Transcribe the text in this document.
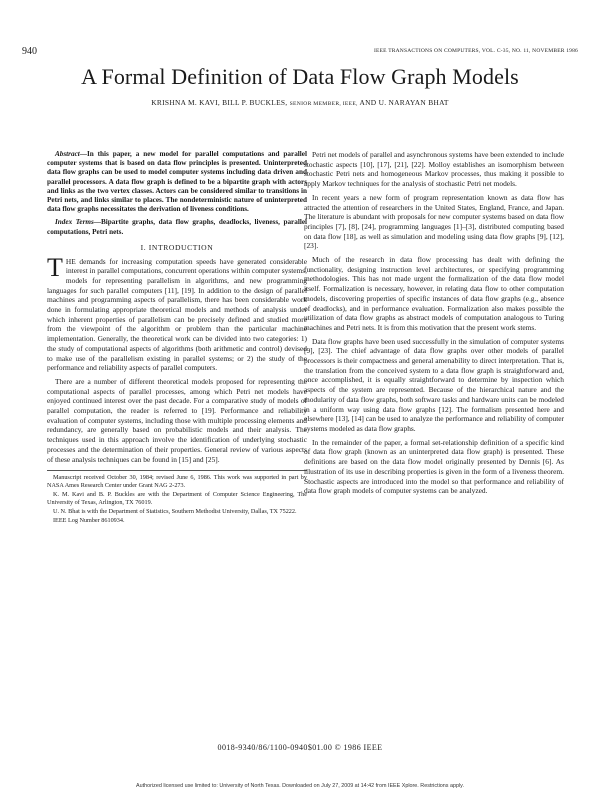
940	IEEE TRANSACTIONS ON COMPUTERS, VOL. C-35, NO. 11, NOVEMBER 1986
A Formal Definition of Data Flow Graph Models
KRISHNA M. KAVI, BILL P. BUCKLES, SENIOR MEMBER, IEEE, AND U. NARAYAN BHAT

Abstract—In this paper, a new model for parallel computations and parallel computer systems that is based on data flow principles is presented. Uninterpreted data flow graphs can be used to model computer systems including data driven and parallel processors. A data flow graph is defined to be a bipartite graph with actors and links as the two vertex classes. Actors can be considered similar to transitions in Petri nets, and links similar to places. The nondeterministic nature of uninterpreted data flow graphs necessitates the derivation of liveness conditions.

Index Terms—Bipartite graphs, data flow graphs, deadlocks, liveness, parallel computations, Petri nets.

I. INTRODUCTION

THE demands for increasing computation speeds have generated considerable interest in parallel computations, concurrent operations within computer systems, models for representing parallelism in algorithms, and new programming languages for such parallel computers [11], [19]. In addition to the design of parallel machines and programming aspects of parallelism, there has been considerable work done in formulating appropriate theoretical models and methods of analysis under which inherent properties of parallelism can be precisely defined and studied more from the viewpoint of the algorithm or problem than the particular machine implementation. Generally, the theoretical work can be divided into two categories: 1) the study of computational aspects of algorithms (both arithmetic and control) devised to make use of the parallelism existing in parallel systems; or 2) the study of the performance and reliability aspects of parallel computers.

There are a number of different theoretical models proposed for representing the computational aspects of parallel processes, among which Petri net models have enjoyed continued interest over the past decade. For a comparative study of models of parallel computation, the reader is referred to [19]. Performance and reliability evaluation of computer systems, including those with multiple processing elements and redundancy, are generally based on probabilistic models and their analysis. The techniques used in this approach involve the identification of underlying stochastic processes and the determination of their properties. General review of various aspects of these analysis techniques can be found in [15] and [25].

Manuscript received October 30, 1984; revised June 6, 1986. This work was supported in part by NASA Ames Research Center under Grant NAG 2-273.

K. M. Kavi and B. P. Buckles are with the Department of Computer Science Engineering, The University of Texas, Arlington, TX 76019.

U. N. Bhat is with the Department of Statistics, Southern Methodist University, Dallas, TX 75222.

IEEE Log Number 8610934.

Petri net models of parallel and asynchronous systems have been extended to include stochastic aspects [10], [17], [21], [22]. Molloy establishes an isomorphism between stochastic Petri nets and homogeneous Markov processes, thus making it possible to apply Markov techniques for the analysis of stochastic Petri net models.

In recent years a new form of program representation known as data flow has attracted the attention of researchers in the United States, England, France, and Japan. The literature is abundant with proposals for new computer systems based on data flow principles [7], [8], [24], programming languages [1]–[3], distributed computing based on data flow [18], as well as simulation and modeling using data flow graphs [9], [12], [23].

Much of the research in data flow processing has dealt with defining the functionality, designing instruction level architectures, or specifying programming methodologies. This has not made urgent the formalization of the data flow model itself. Formalization is necessary, however, in relating data flow to other computation models, discovering properties of specific instances of data flow graphs (e.g., absence of deadlocks), and in performance evaluation. Formalization also makes possible the utilization of data flow graphs as abstract models of computation analogous to Turing machines and Petri nets. It is from this motivation that the present work stems.

Data flow graphs have been used successfully in the simulation of computer systems [9], [23]. The chief advantage of data flow graphs over other models of parallel processors is their compactness and general amenability to direct interpretation. That is, the translation from the conceived system to a data flow graph is straightforward and, once accomplished, it is equally straightforward to determine by inspection which aspects of the system are represented. Because of the hierarchical nature and the modularity of data flow graphs, both software tasks and hardware units can be modeled in a uniform way using data flow graphs [12]. The formalism presented here and elsewhere [13], [14] can be used to analyze the performance and reliability of computer systems modeled as data flow graphs.

In the remainder of the paper, a formal set-relationship definition of a specific kind of data flow graph (known as an uninterpreted data flow graph) is presented. These definitions are based on the data flow model originally presented by Dennis [6]. As illustration of its use in describing properties is given in the form of a liveness theorem. Stochastic aspects are introduced into the model so that performance and reliability of data flow graph models of computer systems can be analyzed.

0018-9340/86/1100-0940$01.00 © 1986 IEEE
Authorized licensed use limited to: University of North Texas. Downloaded on July 27, 2009 at 14:42 from IEEE Xplore. Restrictions apply.
